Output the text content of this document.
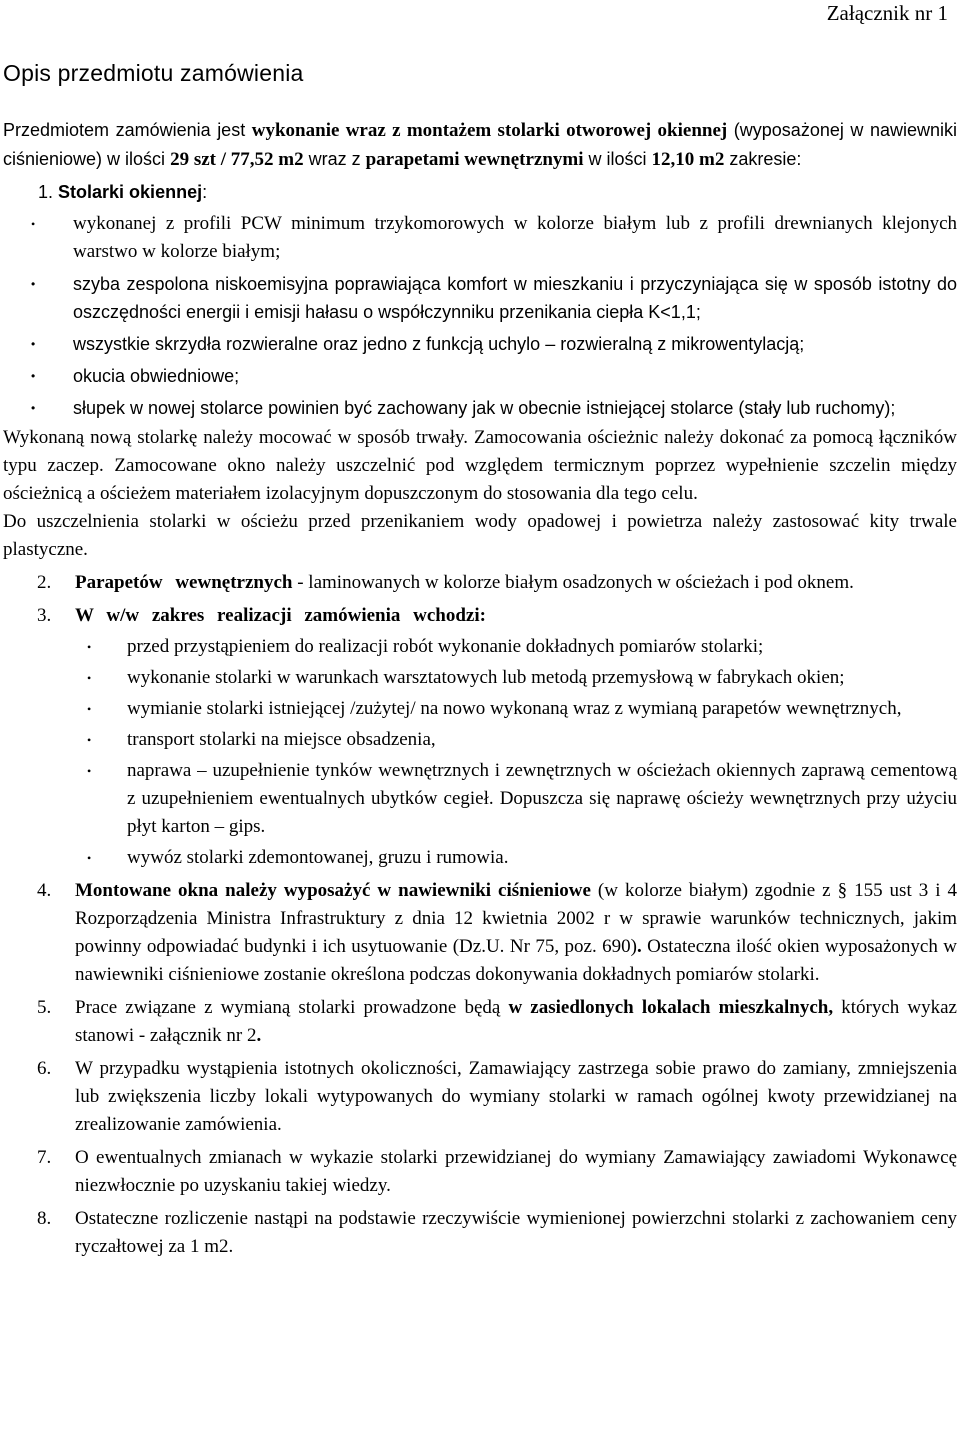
Załącznik nr 1

Opis przedmiotu zamówienia

Przedmiotem zamówienia jest wykonanie wraz z montażem stolarki otworowej okiennej (wyposażonej w nawiewniki ciśnieniowe) w ilości 29 szt / 77,52 m2 wraz z parapetami wewnętrznymi w ilości 12,10 m2 zakresie:

1. Stolarki okiennej:
• wykonanej z profili PCW minimum trzykomorowych w kolorze białym lub z profili drewnianych klejonych warstwo w kolorze białym;
• szyba zespolona niskoemisyjna poprawiająca komfort w mieszkaniu i przyczyniająca się w sposób istotny do oszczędności energii i emisji hałasu o współczynniku przenikania ciepła K<1,1;
• wszystkie skrzydła rozwieralne oraz jedno z funkcją uchylo – rozwieralną z mikrowentylacją;
• okucia obwiedniowe;
• słupek w nowej stolarce powinien być zachowany jak w obecnie istniejącej stolarce (stały lub ruchomy);

Wykonaną nową stolarkę należy mocować w sposób trwały. Zamocowania ościeżnic należy dokonać za pomocą łączników typu zaczep. Zamocowane okno należy uszczelnić pod względem termicznym poprzez wypełnienie szczelin między ościeżnicą a ościeżem materiałem izolacyjnym dopuszczonym do stosowania dla tego celu.

Do uszczelnienia stolarki w ościeżu przed przenikaniem wody opadowej i powietrza należy zastosować kity trwale plastyczne.

2.	Parapetów wewnętrznych - laminowanych w kolorze białym osadzonych w ościeżach i pod oknem.
3.	W w/w zakres realizacji zamówienia wchodzi:
• przed przystąpieniem do realizacji robót wykonanie dokładnych pomiarów stolarki;
• wykonanie stolarki w warunkach warsztatowych lub metodą przemysłową w fabrykach okien;
• wymianie stolarki istniejącej /zużytej/ na nowo wykonaną wraz z wymianą parapetów wewnętrznych,
• transport stolarki na miejsce obsadzenia,
• naprawa – uzupełnienie tynków wewnętrznych i zewnętrznych w ościeżach okiennych zaprawą cementową z uzupełnieniem ewentualnych ubytków cegieł. Dopuszcza się naprawę ościeży wewnętrznych przy użyciu płyt karton – gips.
• wywóz stolarki zdemontowanej, gruzu i rumowia.
4.	Montowane okna należy wyposażyć w nawiewniki ciśnieniowe (w kolorze białym) zgodnie z § 155 ust 3 i 4 Rozporządzenia Ministra Infrastruktury z dnia 12 kwietnia 2002 r w sprawie warunków technicznych, jakim powinny odpowiadać budynki i ich usytuowanie (Dz.U. Nr 75, poz. 690). Ostateczna ilość okien wyposażonych w nawiewniki ciśnieniowe zostanie określona podczas dokonywania dokładnych pomiarów stolarki.
5.	Prace związane z wymianą stolarki prowadzone będą w zasiedlonych lokalach mieszkalnych, których wykaz stanowi - załącznik nr 2.
6.	W przypadku wystąpienia istotnych okoliczności, Zamawiający zastrzega sobie prawo do zamiany, zmniejszenia lub zwiększenia liczby lokali wytypowanych do wymiany stolarki w ramach ogólnej kwoty przewidzianej na zrealizowanie zamówienia.
7.	O ewentualnych zmianach w wykazie stolarki przewidzianej do wymiany Zamawiający zawiadomi Wykonawcę niezwłocznie po uzyskaniu takiej wiedzy.
8.	Ostateczne rozliczenie nastąpi na podstawie rzeczywiście wymienionej powierzchni stolarki z zachowaniem ceny ryczałtowej za 1 m2.
